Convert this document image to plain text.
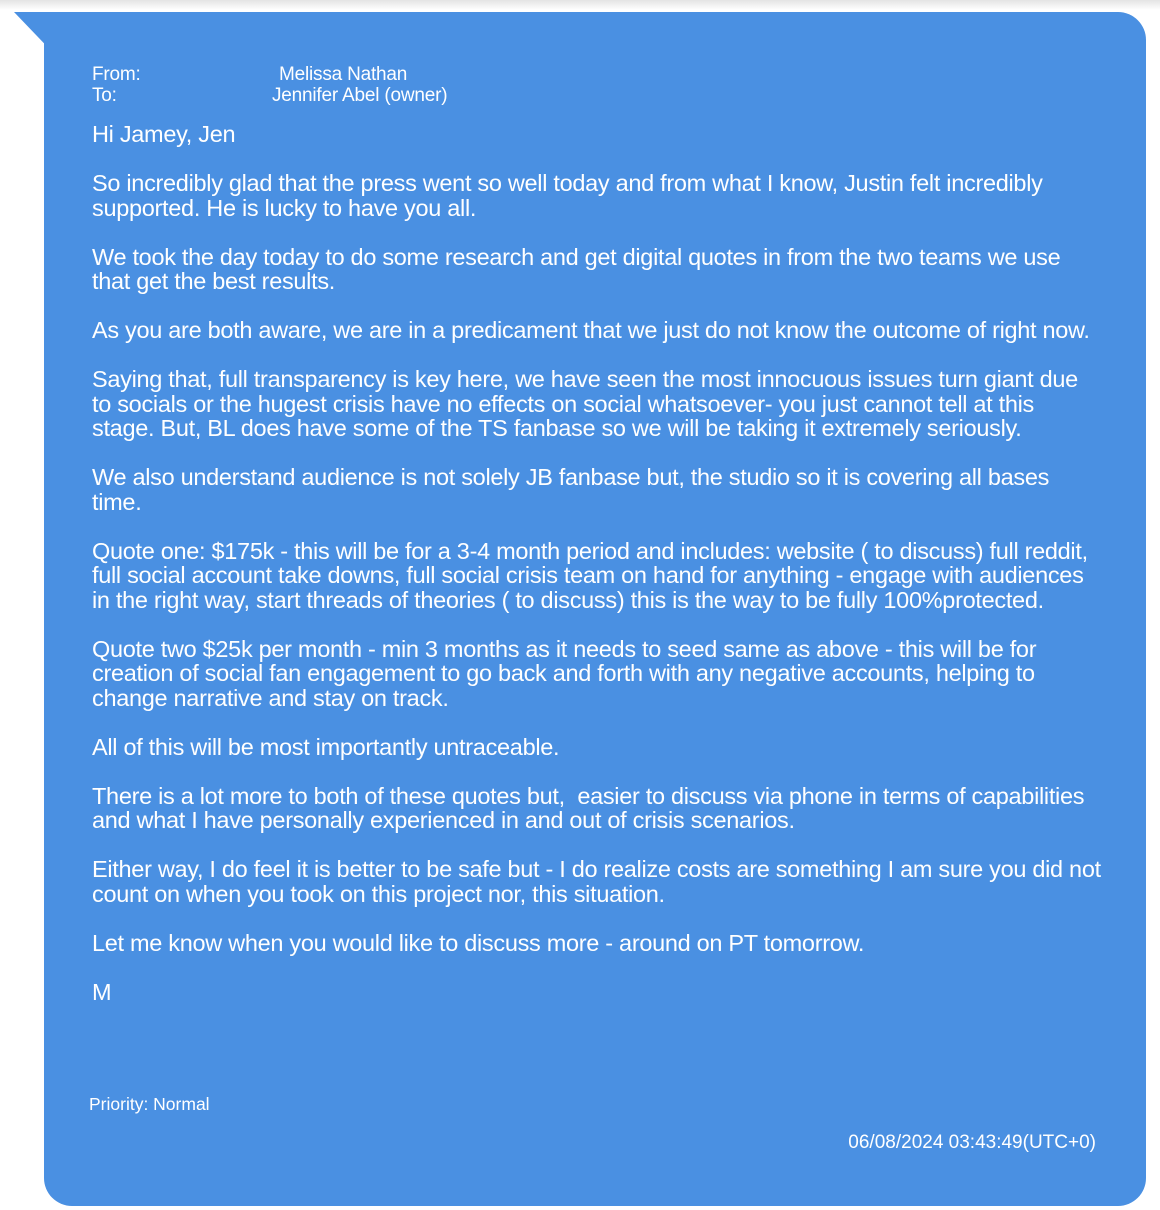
From:	Melissa Nathan
To:	Jennifer Abel (owner)

Hi Jamey, Jen

So incredibly glad that the press went so well today and from what I know, Justin felt incredibly supported. He is lucky to have you all.

We took the day today to do some research and get digital quotes in from the two teams we use that get the best results.

As you are both aware, we are in a predicament that we just do not know the outcome of right now.

Saying that, full transparency is key here, we have seen the most innocuous issues turn giant due to socials or the hugest crisis have no effects on social whatsoever- you just cannot tell at this stage. But, BL does have some of the TS fanbase so we will be taking it extremely seriously.

We also understand audience is not solely JB fanbase but, the studio so it is covering all bases time.

Quote one: $175k - this will be for a 3-4 month period and includes: website ( to discuss) full reddit, full social account take downs, full social crisis team on hand for anything - engage with audiences in the right way, start threads of theories ( to discuss) this is the way to be fully 100%protected.

Quote two $25k per month - min 3 months as it needs to seed same as above - this will be for creation of social fan engagement to go back and forth with any negative accounts, helping to change narrative and stay on track.

All of this will be most importantly untraceable.

There is a lot more to both of these quotes but,  easier to discuss via phone in terms of capabilities and what I have personally experienced in and out of crisis scenarios.

Either way, I do feel it is better to be safe but - I do realize costs are something I am sure you did not count on when you took on this project nor, this situation.

Let me know when you would like to discuss more - around on PT tomorrow.

M

Priority: Normal
06/08/2024 03:43:49(UTC+0)
